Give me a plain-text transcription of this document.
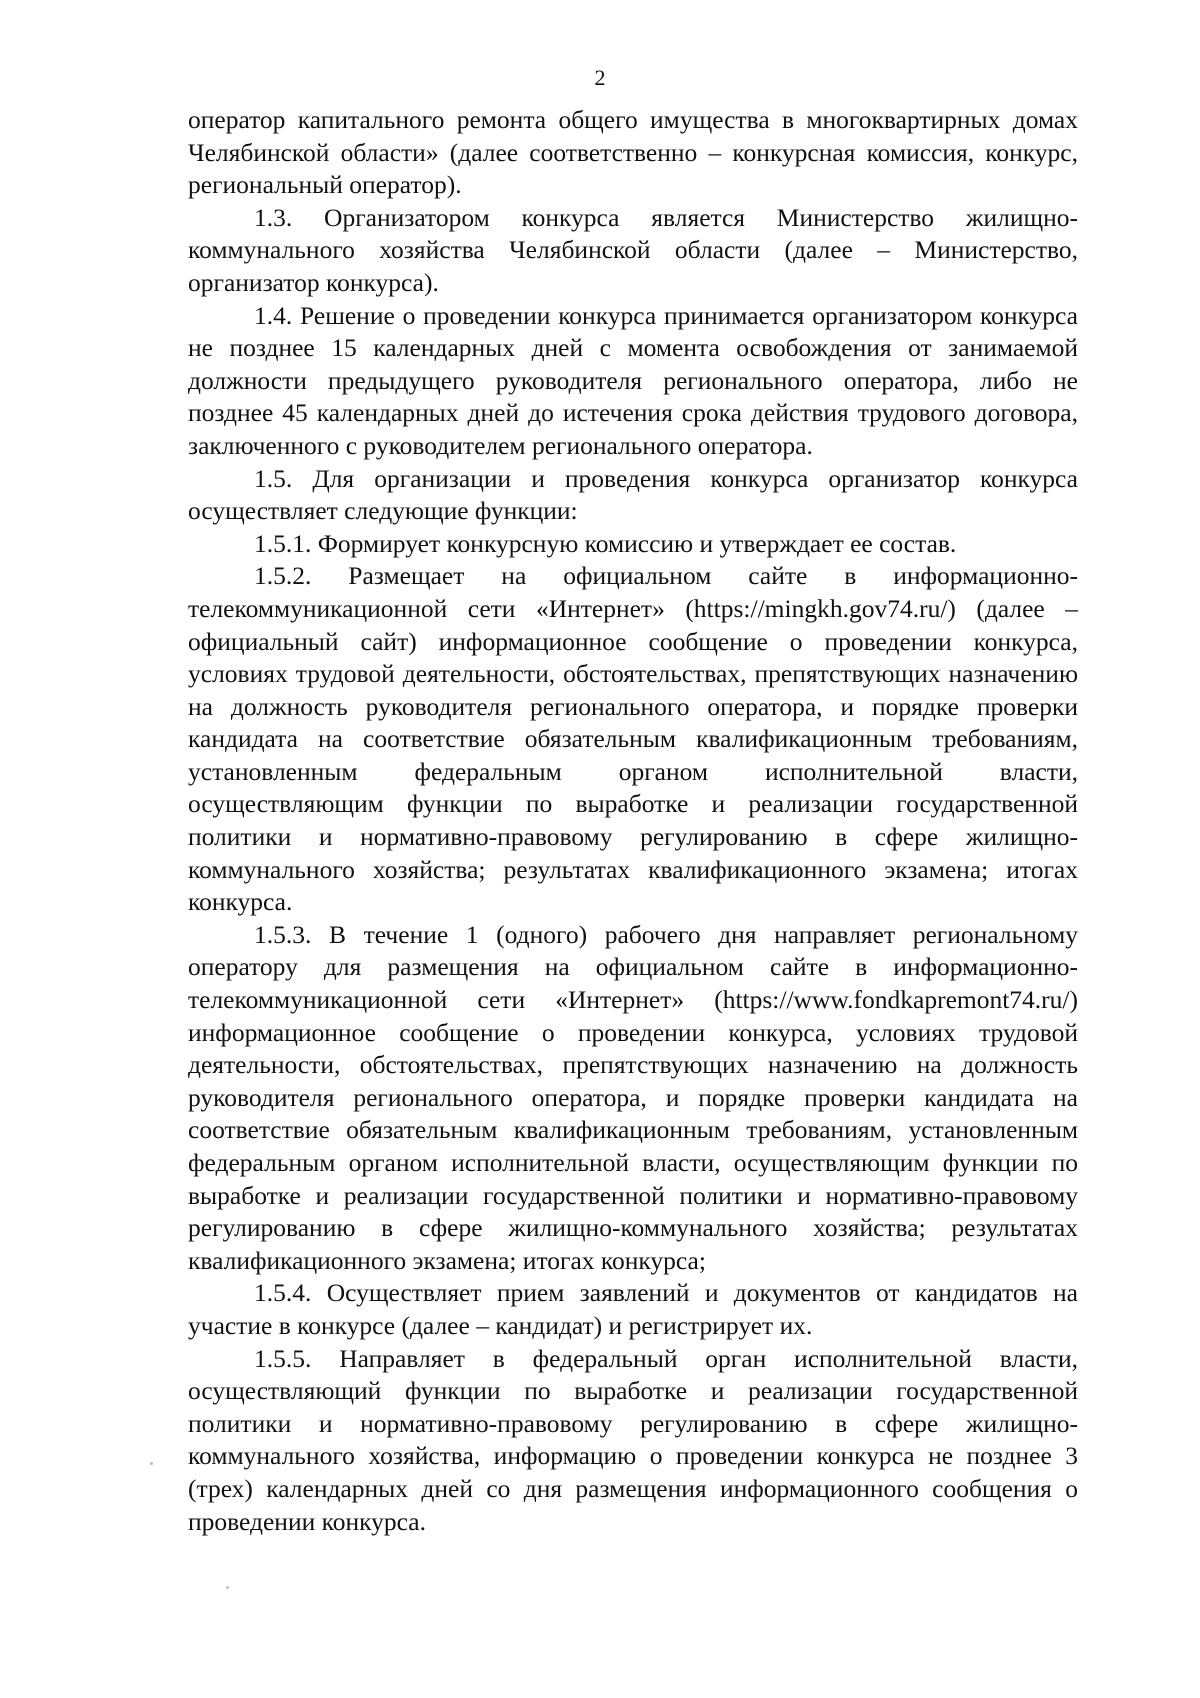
2

оператор капитального ремонта общего имущества в многоквартирных домах Челябинской области» (далее соответственно – конкурсная комиссия, конкурс, региональный оператор).

1.3. Организатором конкурса является Министерство жилищно-коммунального хозяйства Челябинской области (далее – Министерство, организатор конкурса).

1.4. Решение о проведении конкурса принимается организатором конкурса не позднее 15 календарных дней с момента освобождения от занимаемой должности предыдущего руководителя регионального оператора, либо не позднее 45 календарных дней до истечения срока действия трудового договора, заключенного с руководителем регионального оператора.

1.5. Для организации и проведения конкурса организатор конкурса осуществляет следующие функции:

1.5.1. Формирует конкурсную комиссию и утверждает ее состав.

1.5.2. Размещает на официальном сайте в информационно-телекоммуникационной сети «Интернет» (https://mingkh.gov74.ru/) (далее – официальный сайт) информационное сообщение о проведении конкурса, условиях трудовой деятельности, обстоятельствах, препятствующих назначению на должность руководителя регионального оператора, и порядке проверки кандидата на соответствие обязательным квалификационным требованиям, установленным федеральным органом исполнительной власти, осуществляющим функции по выработке и реализации государственной политики и нормативно-правовому регулированию в сфере жилищно-коммунального хозяйства; результатах квалификационного экзамена; итогах конкурса.

1.5.3. В течение 1 (одного) рабочего дня направляет региональному оператору для размещения на официальном сайте в информационно-телекоммуникационной сети «Интернет» (https://www.fondkapremont74.ru/) информационное сообщение о проведении конкурса, условиях трудовой деятельности, обстоятельствах, препятствующих назначению на должность руководителя регионального оператора, и порядке проверки кандидата на соответствие обязательным квалификационным требованиям, установленным федеральным органом исполнительной власти, осуществляющим функции по выработке и реализации государственной политики и нормативно-правовому регулированию в сфере жилищно-коммунального хозяйства; результатах квалификационного экзамена; итогах конкурса;

1.5.4. Осуществляет прием заявлений и документов от кандидатов на участие в конкурсе (далее – кандидат) и регистрирует их.

1.5.5. Направляет в федеральный орган исполнительной власти, осуществляющий функции по выработке и реализации государственной политики и нормативно-правовому регулированию в сфере жилищно-коммунального хозяйства, информацию о проведении конкурса не позднее 3 (трех) календарных дней со дня размещения информационного сообщения о проведении конкурса.
